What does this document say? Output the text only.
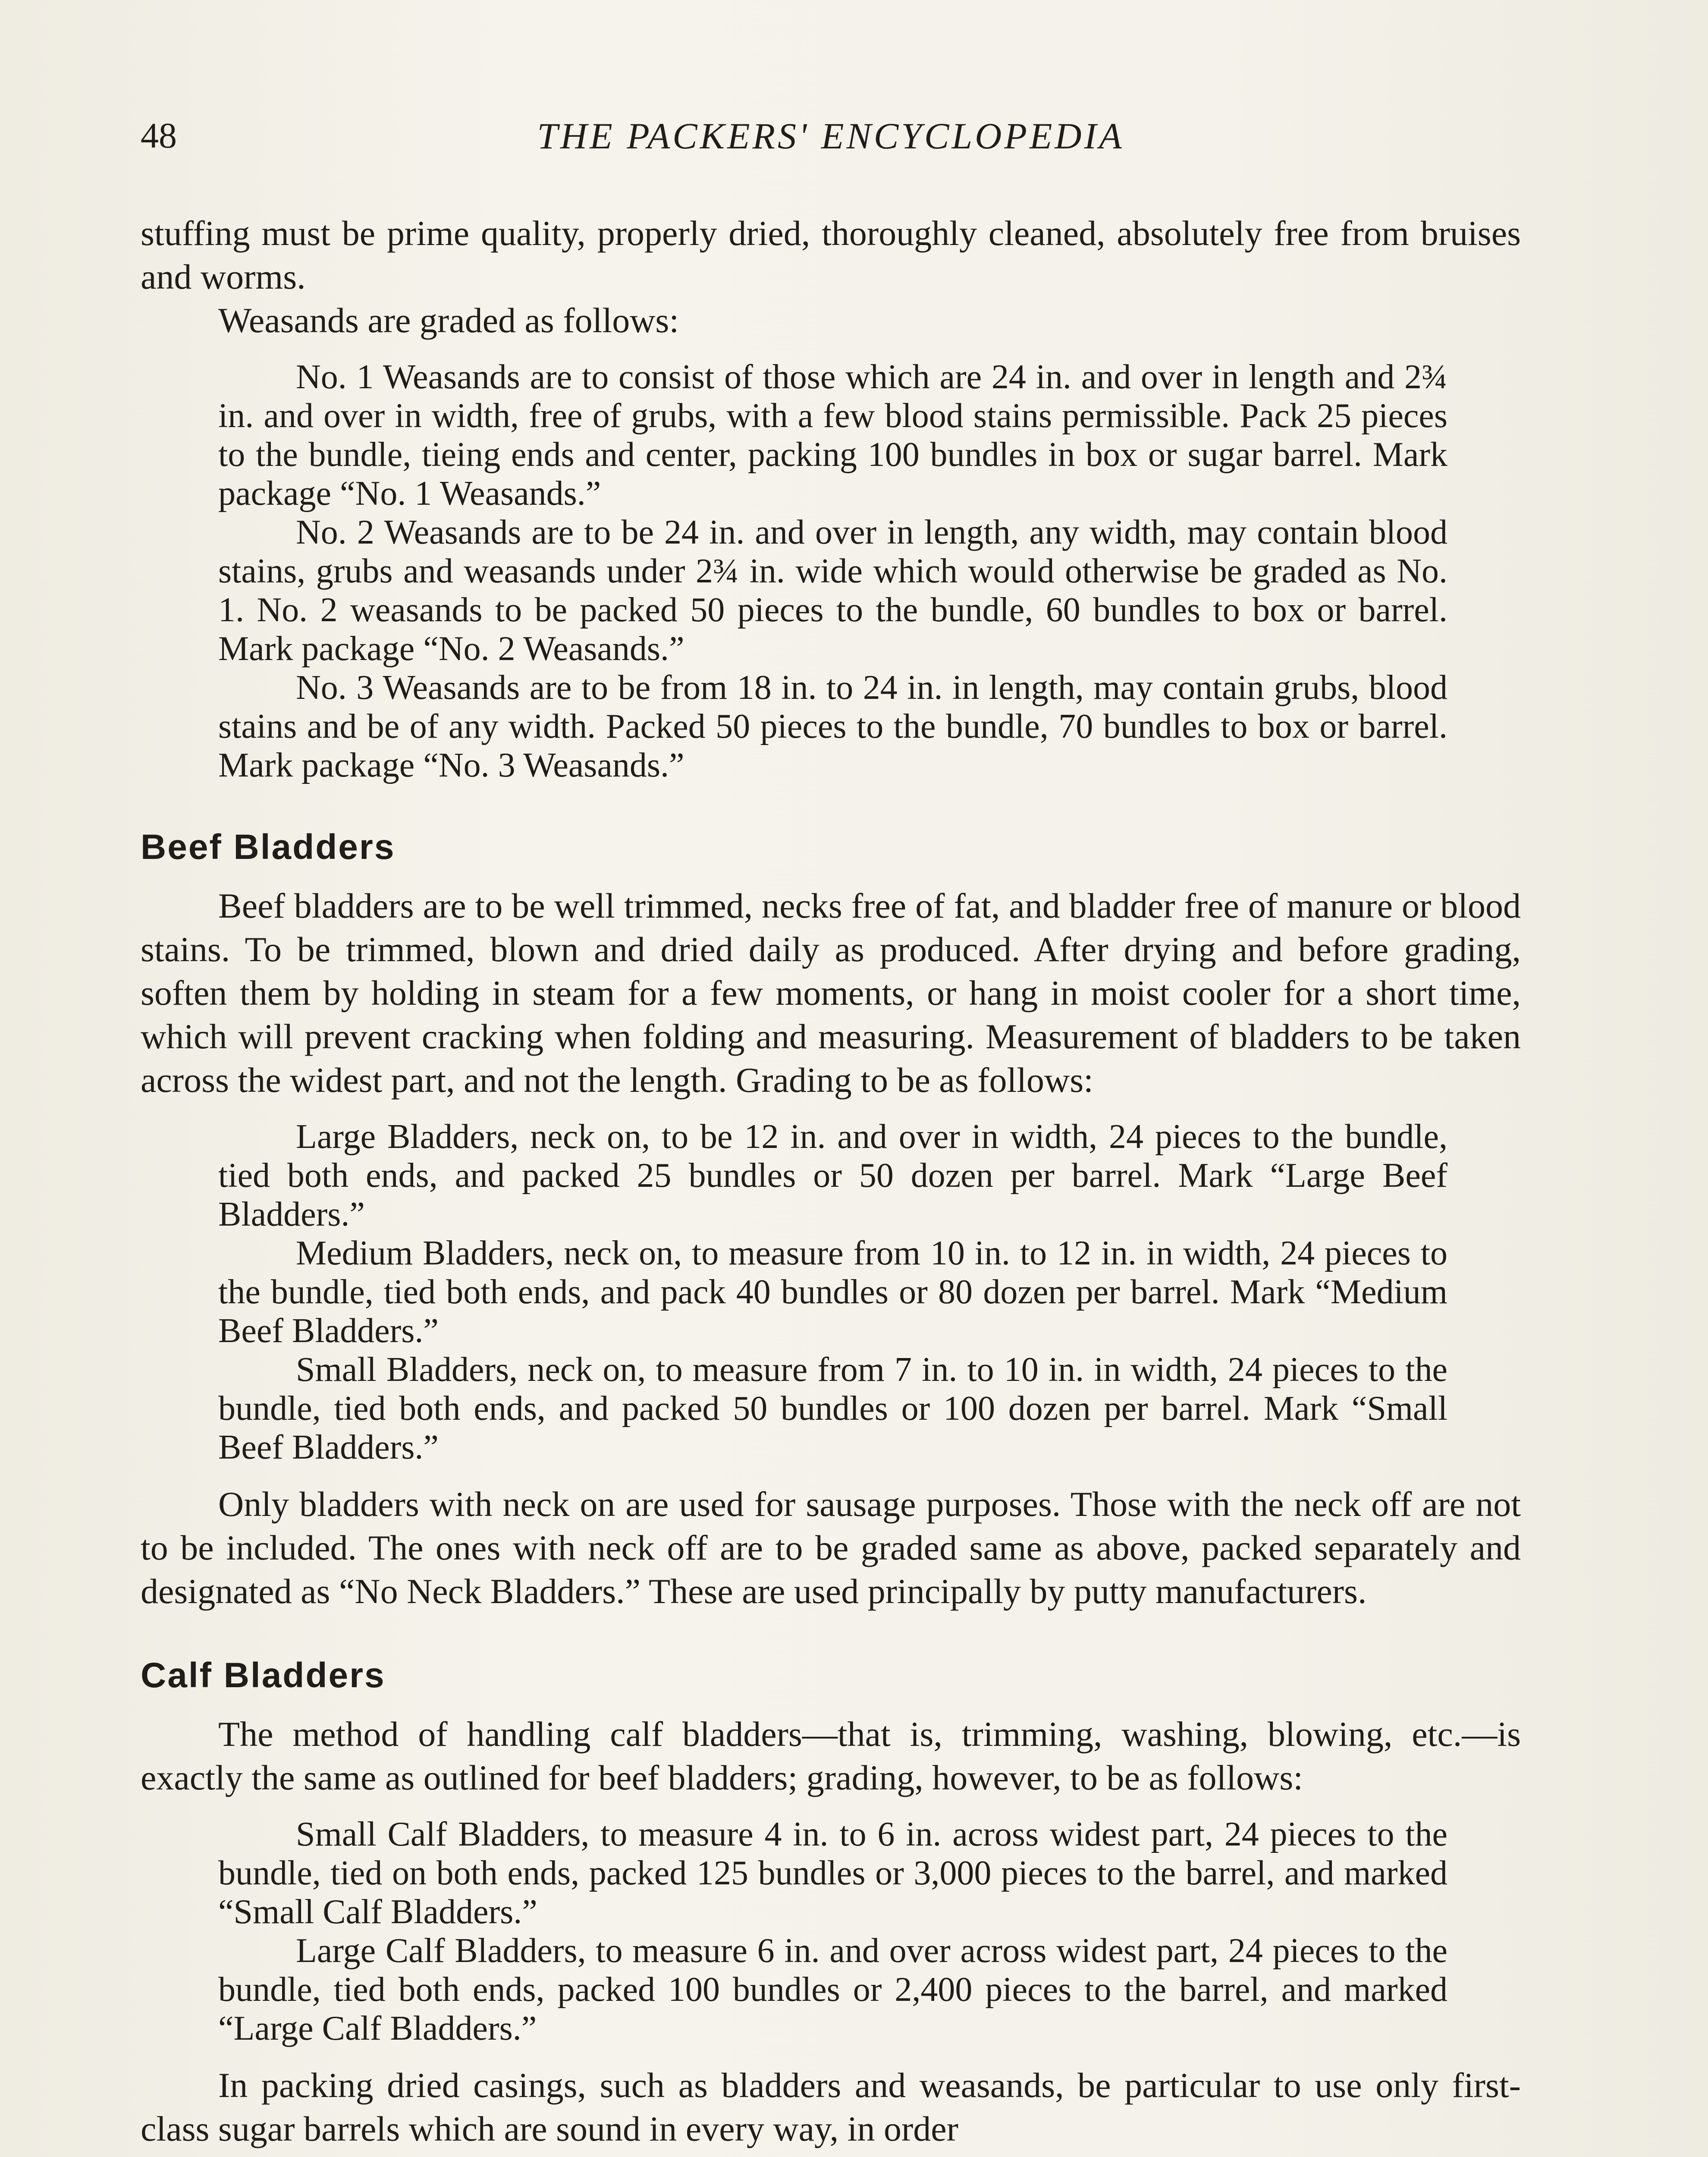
48	THE PACKERS' ENCYCLOPEDIA

stuffing must be prime quality, properly dried, thoroughly cleaned, absolutely free from bruises and worms.

Weasands are graded as follows:

No. 1 Weasands are to consist of those which are 24 in. and over in length and 2¾ in. and over in width, free of grubs, with a few blood stains permissible. Pack 25 pieces to the bundle, tieing ends and center, packing 100 bundles in box or sugar barrel. Mark package “No. 1 Weasands.”

No. 2 Weasands are to be 24 in. and over in length, any width, may contain blood stains, grubs and weasands under 2¾ in. wide which would otherwise be graded as No. 1. No. 2 weasands to be packed 50 pieces to the bundle, 60 bundles to box or barrel. Mark package “No. 2 Weasands.”

No. 3 Weasands are to be from 18 in. to 24 in. in length, may contain grubs, blood stains and be of any width. Packed 50 pieces to the bundle, 70 bundles to box or barrel. Mark package “No. 3 Weasands.”

Beef Bladders

Beef bladders are to be well trimmed, necks free of fat, and bladder free of manure or blood stains. To be trimmed, blown and dried daily as produced. After drying and before grading, soften them by holding in steam for a few moments, or hang in moist cooler for a short time, which will prevent cracking when folding and measuring. Measurement of bladders to be taken across the widest part, and not the length. Grading to be as follows:

Large Bladders, neck on, to be 12 in. and over in width, 24 pieces to the bundle, tied both ends, and packed 25 bundles or 50 dozen per barrel. Mark “Large Beef Bladders.”

Medium Bladders, neck on, to measure from 10 in. to 12 in. in width, 24 pieces to the bundle, tied both ends, and pack 40 bundles or 80 dozen per barrel. Mark “Medium Beef Bladders.”

Small Bladders, neck on, to measure from 7 in. to 10 in. in width, 24 pieces to the bundle, tied both ends, and packed 50 bundles or 100 dozen per barrel. Mark “Small Beef Bladders.”

Only bladders with neck on are used for sausage purposes. Those with the neck off are not to be included. The ones with neck off are to be graded same as above, packed separately and designated as “No Neck Bladders.” These are used principally by putty manufacturers.

Calf Bladders

The method of handling calf bladders—that is, trimming, washing, blowing, etc.—is exactly the same as outlined for beef bladders; grading, however, to be as follows:

Small Calf Bladders, to measure 4 in. to 6 in. across widest part, 24 pieces to the bundle, tied on both ends, packed 125 bundles or 3,000 pieces to the barrel, and marked “Small Calf Bladders.”

Large Calf Bladders, to measure 6 in. and over across widest part, 24 pieces to the bundle, tied both ends, packed 100 bundles or 2,400 pieces to the barrel, and marked “Large Calf Bladders.”

In packing dried casings, such as bladders and weasands, be particular to use only first-class sugar barrels which are sound in every way, in order
